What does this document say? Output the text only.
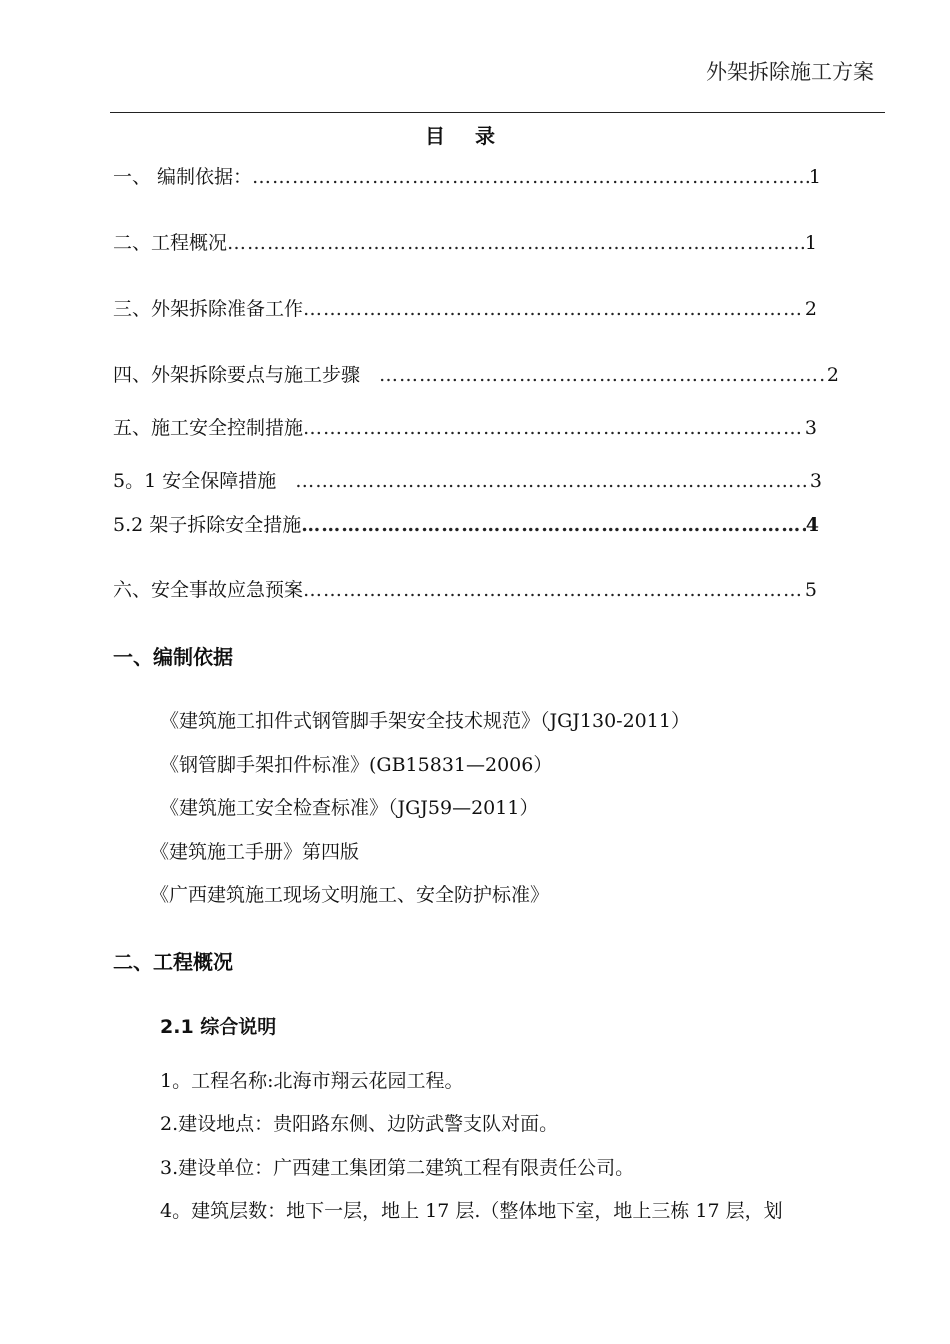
外架拆除施工方案
目录
一、 编制依据： ……………………………………………………………………………………………………………………………	1
二、工程概况 ……………………………………………………………………………………………………………………………	1
三、外架拆除准备工作 ……………………………………………………………………………………………………………………………	2
四、外架拆除要点与施工步骤　 ……………………………………………………………………………………………………………………………	2
五、施工安全控制措施 ……………………………………………………………………………………………………………………………	3
5。1 安全保障措施　 ……………………………………………………………………………………………………………………………	3
5.2 架子拆除安全措施 ……………………………………………………………………………………………………………………………	4
六、安全事故应急预案 ……………………………………………………………………………………………………………………………	5
一、编制依据
《建筑施工扣件式钢管脚手架安全技术规范》（JGJ130-2011）
《钢管脚手架扣件标准》(GB15831—2006）
《建筑施工安全检查标准》（JGJ59—2011）
《建筑施工手册》第四版
《广西建筑施工现场文明施工、安全防护标准》
二、工程概况
2.1 综合说明
1。工程名称:北海市翔云花园工程。
2.建设地点：贵阳路东侧、边防武警支队对面。
3.建设单位：广西建工集团第二建筑工程有限责任公司。
4。建筑层数：地下一层，地上 17 层.（整体地下室，地上三栋 17 层，划
